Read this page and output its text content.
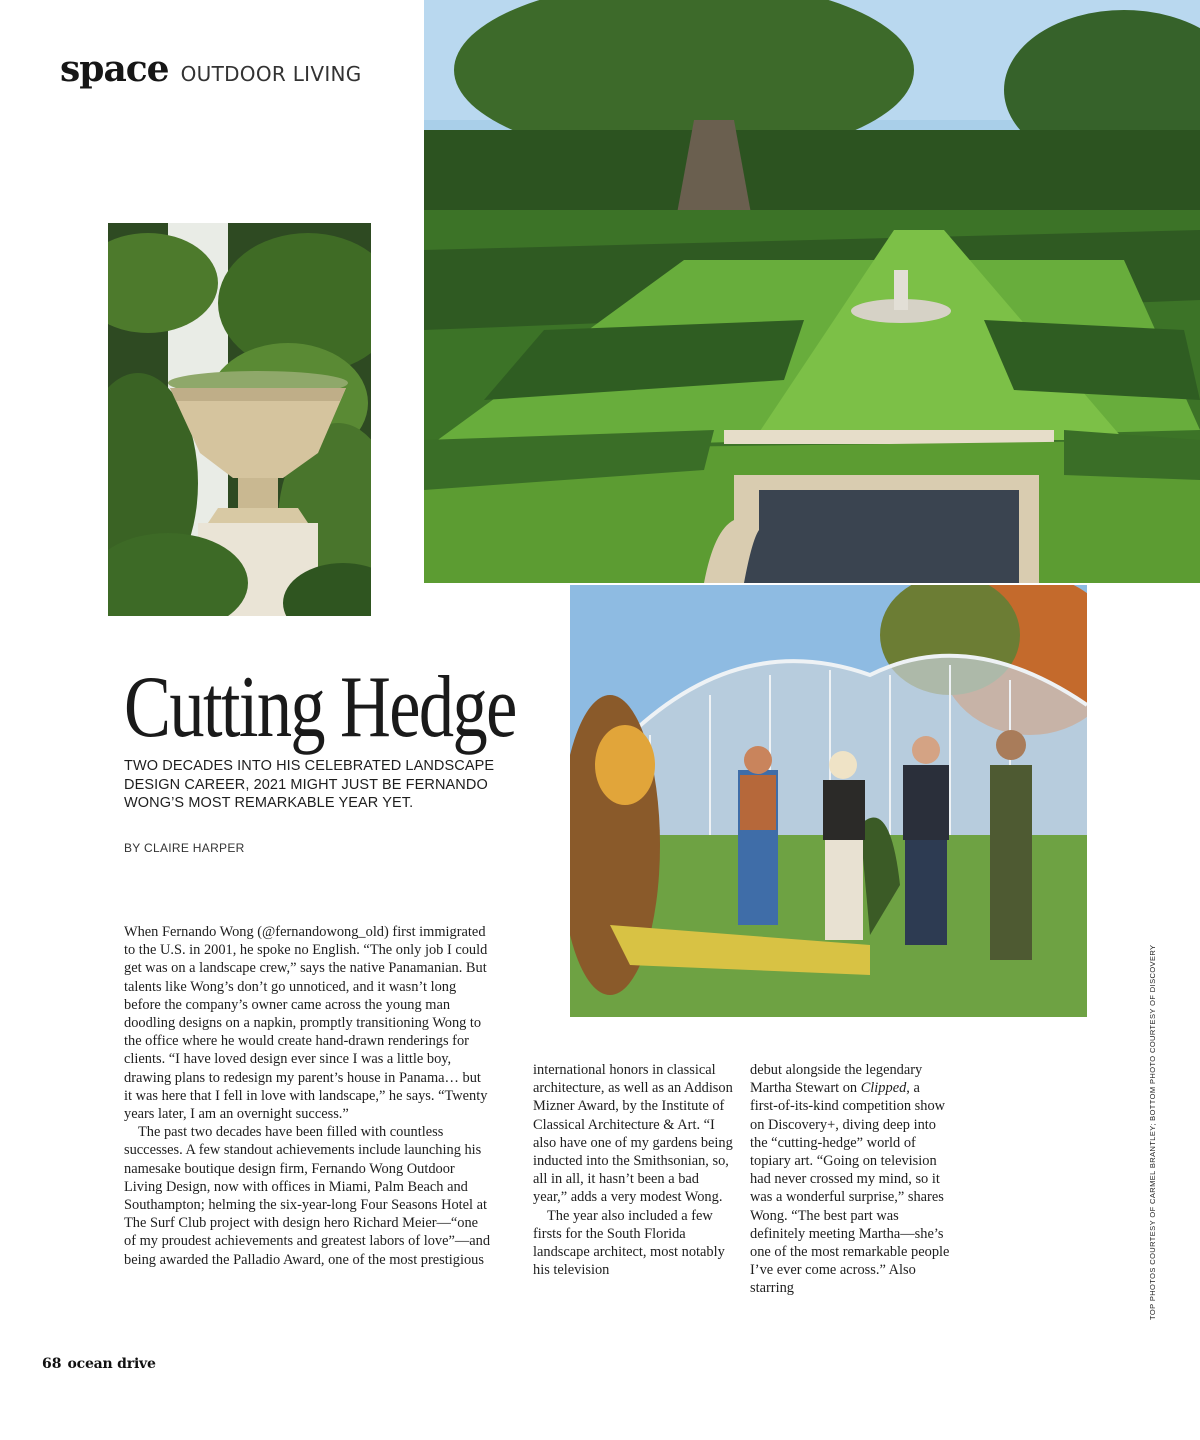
space OUTDOOR LIVING
Cutting Hedge
TWO DECADES INTO HIS CELEBRATED LANDSCAPE DESIGN CAREER, 2021 MIGHT JUST BE FERNANDO WONG’S MOST REMARKABLE YEAR YET.
BY CLAIRE HARPER

When Fernando Wong (@fernandowong_old) first immigrated to the U.S. in 2001, he spoke no English. “The only job I could get was on a landscape crew,” says the native Panamanian. But talents like Wong’s don’t go unnoticed, and it wasn’t long before the company’s owner came across the young man doodling designs on a napkin, promptly transitioning Wong to the office where he would create hand-drawn renderings for clients. “I have loved design ever since I was a little boy, drawing plans to redesign my parent’s house in Panama… but it was here that I fell in love with landscape,” he says. “Twenty years later, I am an overnight success.”

The past two decades have been filled with countless successes. A few standout achievements include launching his namesake boutique design firm, Fernando Wong Outdoor Living Design, now with offices in Miami, Palm Beach and Southampton; helming the six-year-long Four Seasons Hotel at The Surf Club project with design hero Richard Meier—“one of my proudest achievements and greatest labors of love”—and being awarded the Palladio Award, one of the most prestigious

international honors in classical architecture, as well as an Addison Mizner Award, by the Institute of Classical Architecture & Art. “I also have one of my gardens being inducted into the Smithsonian, so, all in all, it hasn’t been a bad year,” adds a very modest Wong.

The year also included a few firsts for the South Florida landscape architect, most notably his television

debut alongside the legendary Martha Stewart on Clipped, a first-of-its-kind competition show on Discovery+, diving deep into the “cutting-hedge” world of topiary art. “Going on television had never crossed my mind, so it was a wonderful surprise,” shares Wong. “The best part was definitely meeting Martha—she’s one of the most remarkable people I’ve ever come across.” Also starring	TOP PHOTOS COURTESY OF CARMEL BRANTLEY; BOTTOM PHOTO COURTESY OF DISCOVERY
68 ocean drive
